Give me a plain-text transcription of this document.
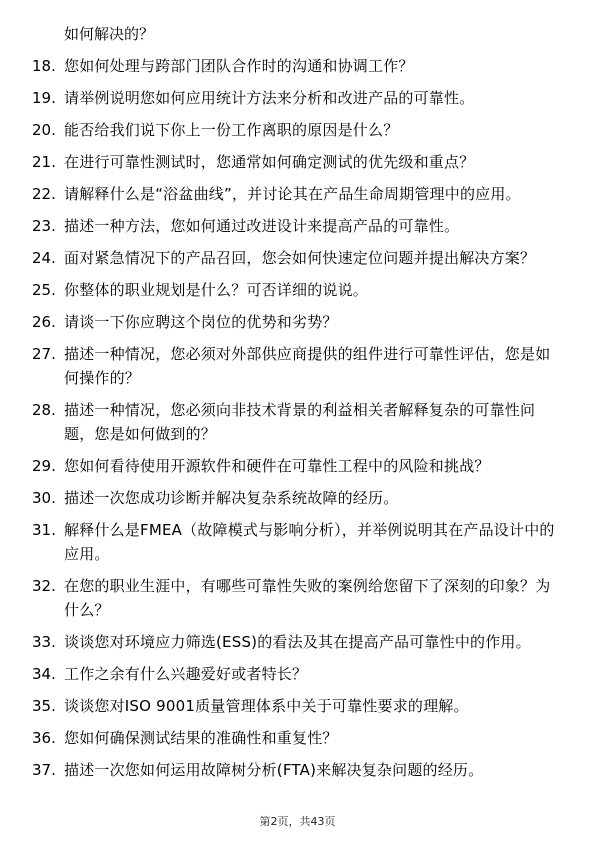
如何解决的？
18. 您如何处理与跨部门团队合作时的沟通和协调工作？
19. 请举例说明您如何应用统计方法来分析和改进产品的可靠性。
20. 能否给我们说下你上一份工作离职的原因是什么？
21. 在进行可靠性测试时，您通常如何确定测试的优先级和重点？
22. 请解释什么是“浴盆曲线”，并讨论其在产品生命周期管理中的应用。
23. 描述一种方法，您如何通过改进设计来提高产品的可靠性。
24. 面对紧急情况下的产品召回，您会如何快速定位问题并提出解决方案？
25. 你整体的职业规划是什么？可否详细的说说。
26. 请谈一下你应聘这个岗位的优势和劣势？
27. 描述一种情况，您必须对外部供应商提供的组件进行可靠性评估，您是如何操作的？
28. 描述一种情况，您必须向非技术背景的利益相关者解释复杂的可靠性问题，您是如何做到的？
29. 您如何看待使用开源软件和硬件在可靠性工程中的风险和挑战？
30. 描述一次您成功诊断并解决复杂系统故障的经历。
31. 解释什么是FMEA（故障模式与影响分析），并举例说明其在产品设计中的应用。
32. 在您的职业生涯中，有哪些可靠性失败的案例给您留下了深刻的印象？为什么？
33. 谈谈您对环境应力筛选(ESS)的看法及其在提高产品可靠性中的作用。
34. 工作之余有什么兴趣爱好或者特长？
35. 谈谈您对ISO 9001质量管理体系中关于可靠性要求的理解。
36. 您如何确保测试结果的准确性和重复性？
37. 描述一次您如何运用故障树分析(FTA)来解决复杂问题的经历。
第2页，共43页
